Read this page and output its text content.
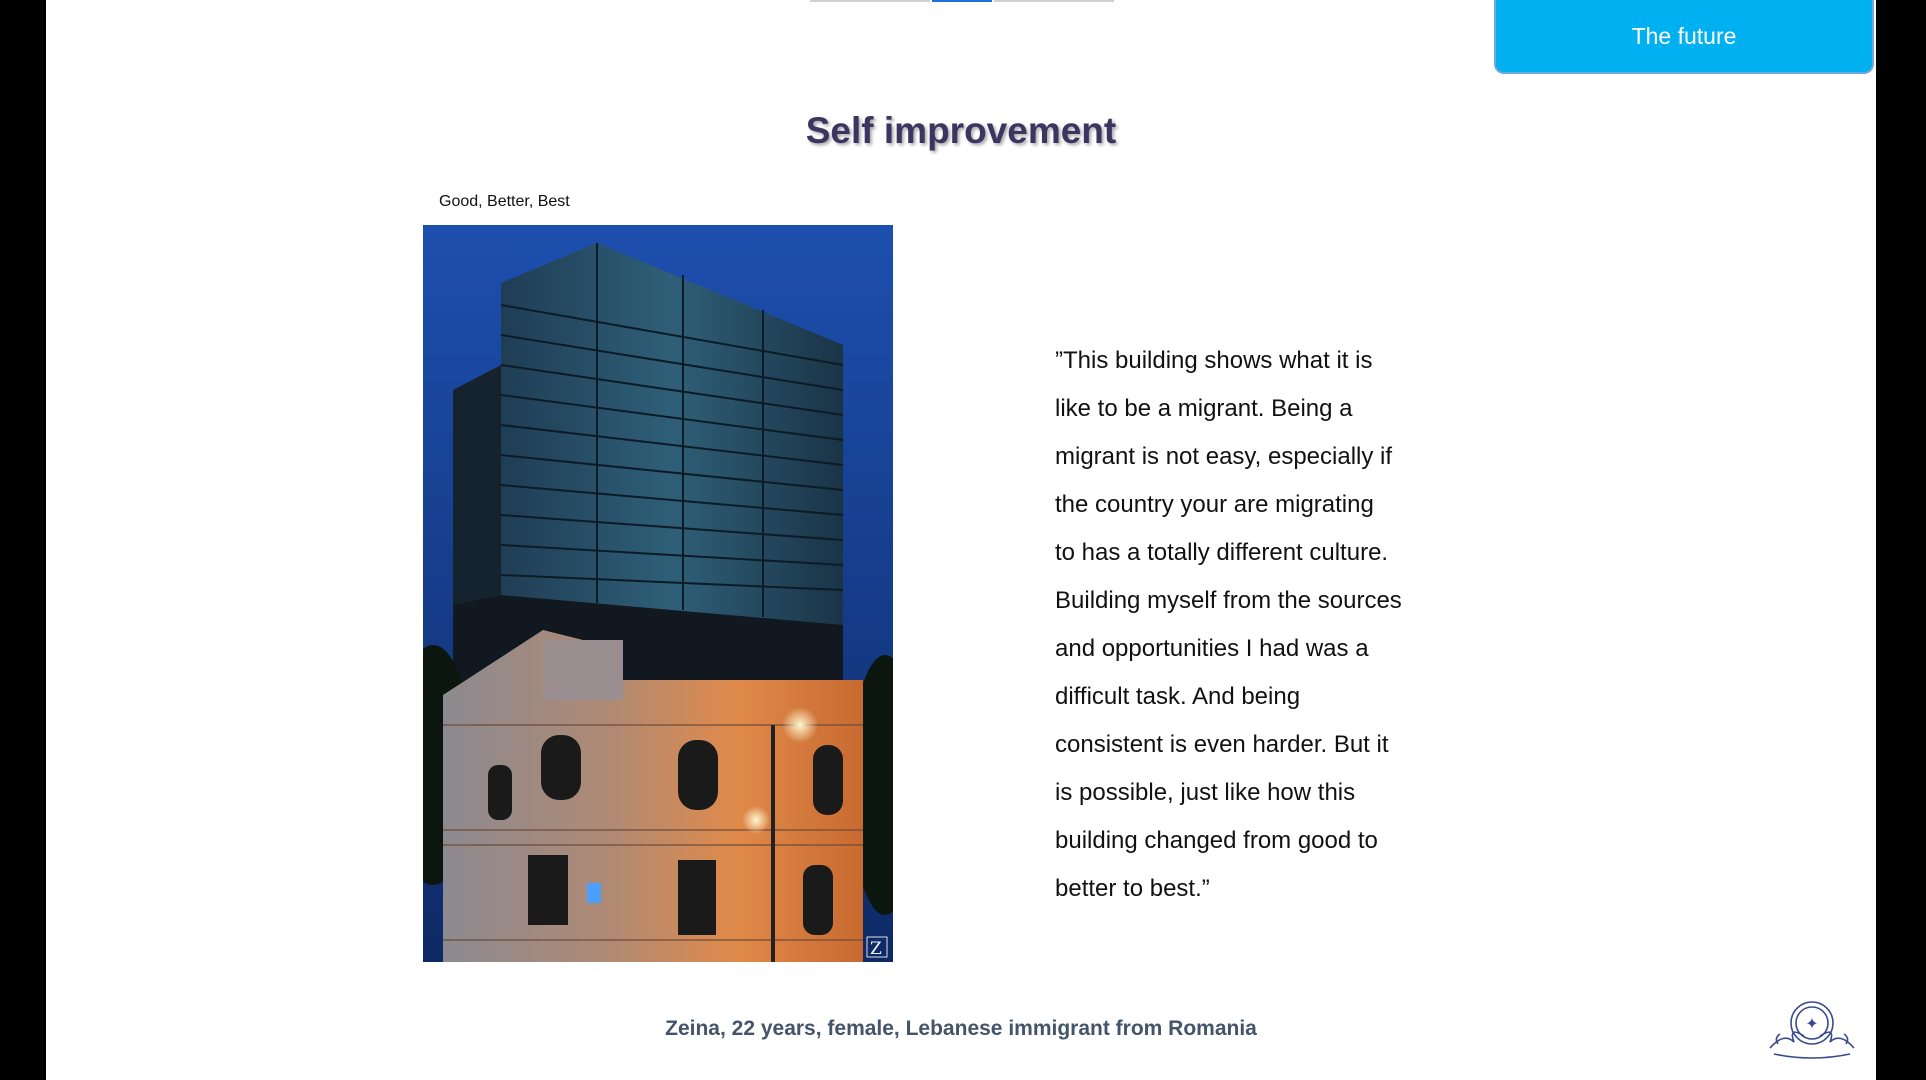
The future
Self improvement
Good, Better, Best
Z
”This building shows what it is
like to be a migrant. Being a
migrant is not easy, especially if
the country your are migrating
to has a totally different culture.
Building myself from the sources
and opportunities I had was a
difficult task. And being
consistent is even harder. But it
is possible, just like how this
building changed from good to
better to best.”
Zeina, 22 years, female, Lebanese immigrant from Romania	✦
